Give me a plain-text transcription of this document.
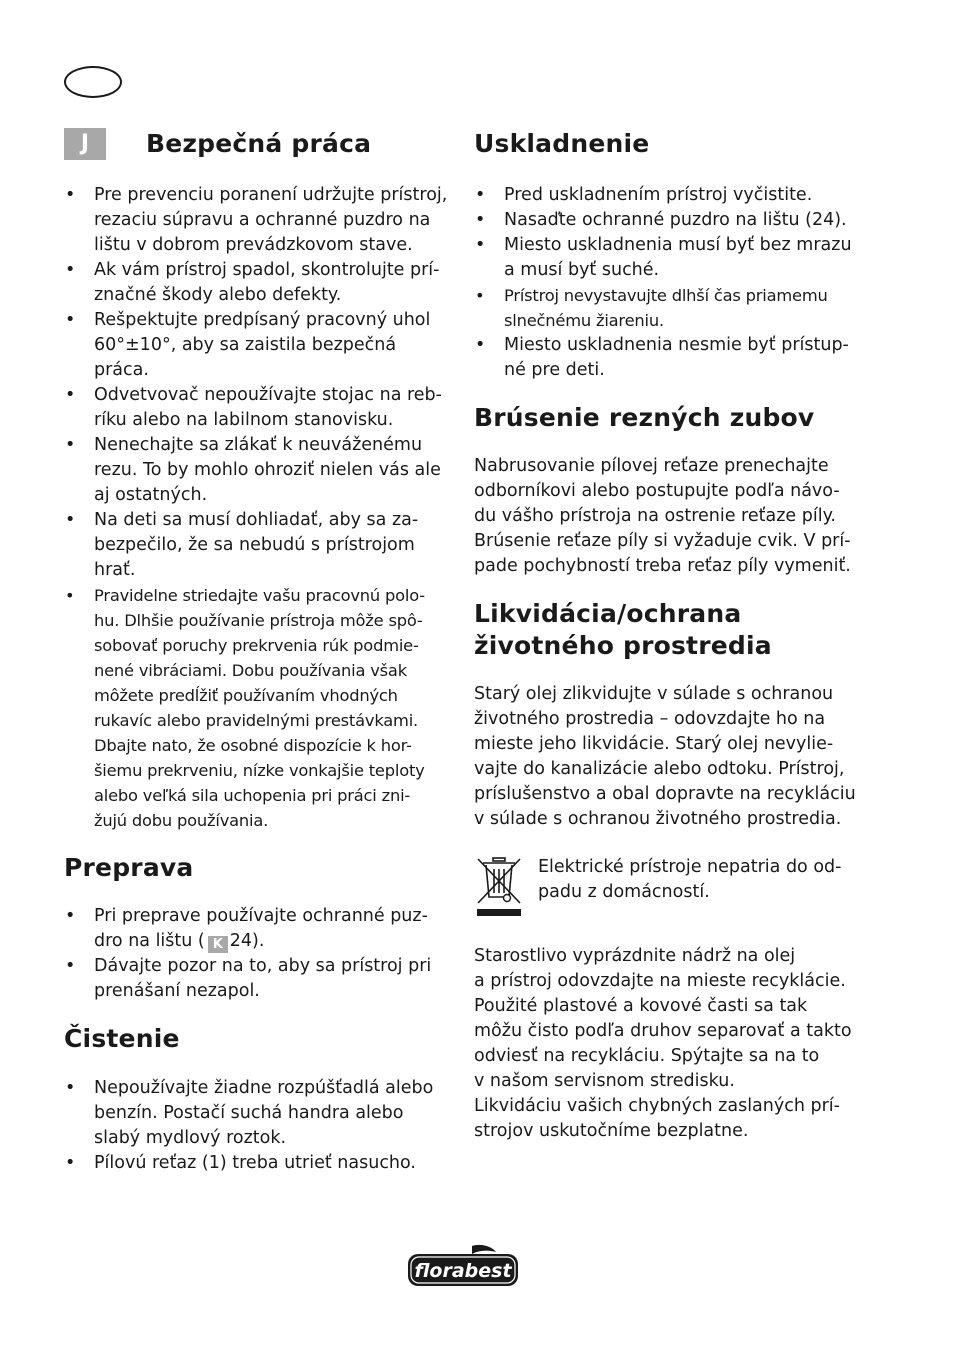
J	Bezpečná práca
• Pre prevenciu poranení udržujte prístroj,
rezaciu súpravu a ochranné puzdro na
lištu v dobrom prevádzkovom stave.
• Ak vám prístroj spadol, skontrolujte prí-
značné škody alebo defekty.
• Rešpektujte predpísaný pracovný uhol
60°±10°, aby sa zaistila bezpečná
práca.
• Odvetvovač nepoužívajte stojac na reb-
ríku alebo na labilnom stanovisku.
• Nenechajte sa zlákať k neuváženému
rezu. To by mohlo ohroziť nielen vás ale
aj ostatných.
• Na deti sa musí dohliadať, aby sa za-
bezpečilo, že sa nebudú s prístrojom
hrať.
• Pravidelne striedajte vašu pracovnú polo-
hu. Dlhšie používanie prístroja môže spô-
sobovať poruchy prekrvenia rúk podmie-
nené vibráciami. Dobu používania však
môžete predĺžiť používaním vhodných
rukavíc alebo pravidelnými prestávkami.
Dbajte nato, že osobné dispozície k hor-
šiemu prekrveniu, nízke vonkajšie teploty
alebo veľká sila uchopenia pri práci zni-
žujú dobu používania.
Preprava
• Pri preprave používajte ochranné puz-
dro na lištu ( K 24).
• Dávajte pozor na to, aby sa prístroj pri
prenášaní nezapol.
Čistenie
• Nepoužívajte žiadne rozpúšťadlá alebo
benzín. Postačí suchá handra alebo
slabý mydlový roztok.
• Pílovú reťaz (1) treba utrieť nasucho.
Uskladnenie
• Pred uskladnením prístroj vyčistite.
• Nasaďte ochranné puzdro na lištu (24).
• Miesto uskladnenia musí byť bez mrazu
a musí byť suché.
• Prístroj nevystavujte dlhší čas priamemu
slnečnému žiareniu.
• Miesto uskladnenia nesmie byť prístup-
né pre deti.
Brúsenie rezných zubov

Nabrusovanie pílovej reťaze prenechajte
odborníkovi alebo postupujte podľa návo-
du vášho prístroja na ostrenie reťaze píly.
Brúsenie reťaze píly si vyžaduje cvik. V prí-
pade pochybností treba reťaz píly vymeniť.

Likvidácia/ochrana
životného prostredia

Starý olej zlikvidujte v súlade s ochranou
životného prostredia – odovzdajte ho na
mieste jeho likvidácie. Starý olej nevylie-
vajte do kanalizácie alebo odtoku. Prístroj,
príslušenstvo a obal dopravte na recykláciu
v súlade s ochranou životného prostredia.

Elektrické prístroje nepatria do od-
padu z domácností.

Starostlivo vyprázdnite nádrž na olej
a prístroj odovzdajte na mieste recyklácie.
Použité plastové a kovové časti sa tak
môžu čisto podľa druhov separovať a takto
odviesť na recykláciu. Spýtajte sa na to
v našom servisnom stredisku.
Likvidáciu vašich chybných zaslaných prí-
strojov uskutočníme bezplatne.

florabest
